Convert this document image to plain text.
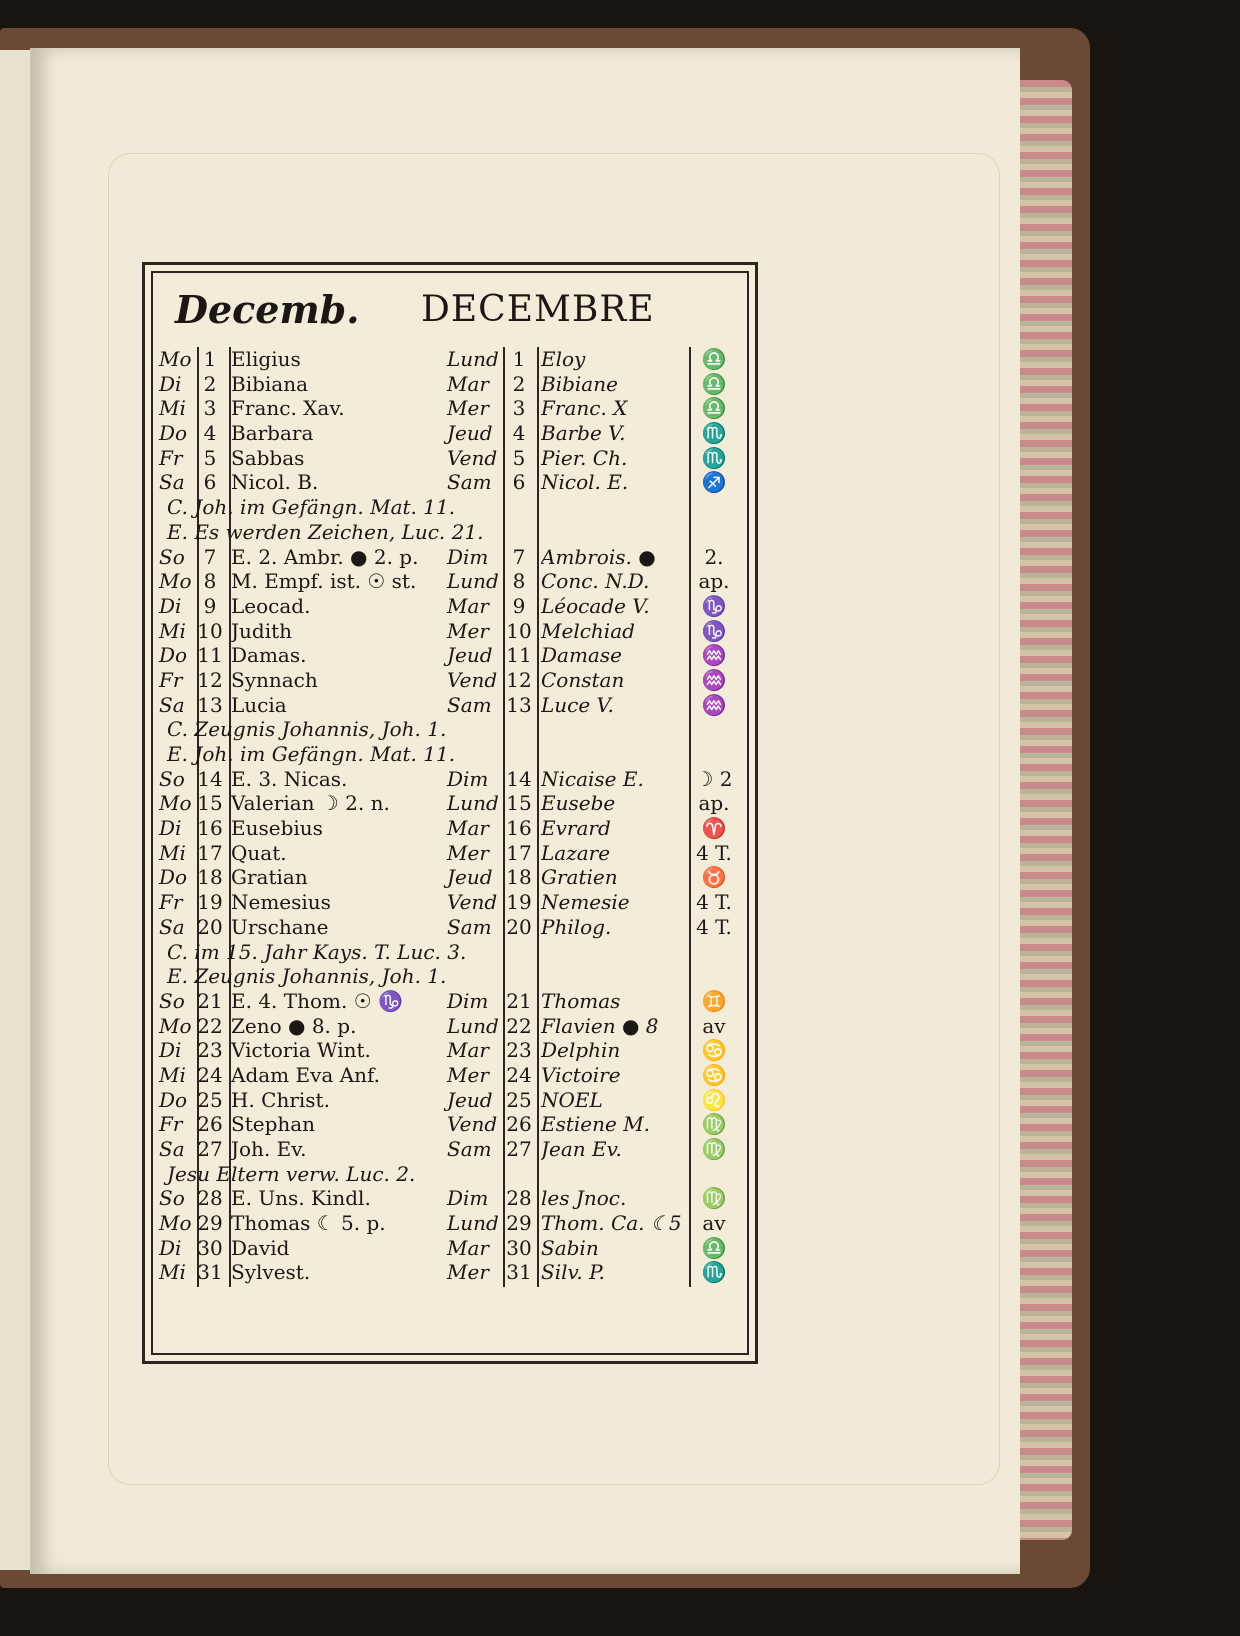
Decemb. DECEMBRE
Mo 1 Eligius	Lund 1 Eloy	♎
Di	2 Bibiana	Mar	2 Bibiane	♎
Mi 3 Franc. Xav.	Mer	3 Franc. X	♎
Do 4 Barbara	Jeud	4 Barbe V.	♏
Fr	5 Sabbas	Vend 5 Pier. Ch.	♏
Sa 6 Nicol. B.	Sam	6 Nicol. E.	♐
C. Joh. im Gefängn. Mat. 11.
E. Es werden Zeichen, Luc. 21.
So 7 E. 2. Ambr. ● 2. p.	Dim	7 Ambrois. ●	2.
Mo 8 M. Empf. ist. ☉ st.	Lund 8 Conc. N.D.	ap.
Di	9 Leocad.	Mar	9 Léocade V.	♑
Mi 10 Judith	Mer 10 Melchiad	♑
Do 11 Damas.	Jeud 11 Damase	♒
Fr 12 Synnach	Vend 12 Constan	♒
Sa 13 Lucia	Sam 13 Luce V.	♒
C. Zeugnis Johannis, Joh. 1.
E. Joh. im Gefängn. Mat. 11.
So 14 E. 3. Nicas.	Dim 14 Nicaise E.	☽ 2
Mo 15 Valerian ☽ 2. n.	Lund 15 Eusebe	ap.
Di 16 Eusebius	Mar 16 Evrard	♈
Mi 17 Quat.	Mer 17 Lazare	4 T.
Do 18 Gratian	Jeud 18 Gratien	♉
Fr 19 Nemesius	Vend 19 Nemesie	4 T.
Sa 20 Urschane	Sam 20 Philog.	4 T.
C. im 15. Jahr Kays. T. Luc. 3.
E. Zeugnis Johannis, Joh. 1.
So 21 E. 4. Thom. ☉ ♑	Dim 21 Thomas	♊
Mo 22 Zeno ● 8. p.	Lund 22 Flavien ● 8	av
Di 23 Victoria Wint.	Mar 23 Delphin	♋
Mi 24 Adam Eva Anf.	Mer 24 Victoire	♋
Do 25 H. Christ.	Jeud 25 NOEL	♌
Fr 26 Stephan	Vend 26 Estiene M.	♍
Sa 27 Joh. Ev.	Sam 27 Jean Ev.	♍
Jesu Eltern verw. Luc. 2.
So 28 E. Uns. Kindl.	Dim 28 les Jnoc.	♍
Mo 29 Thomas ☾ 5. p.	Lund 29 Thom. Ca. ☾5	av
Di 30 David	Mar 30 Sabin	♎
Mi 31 Sylvest.	Mer 31 Silv. P.	♏
